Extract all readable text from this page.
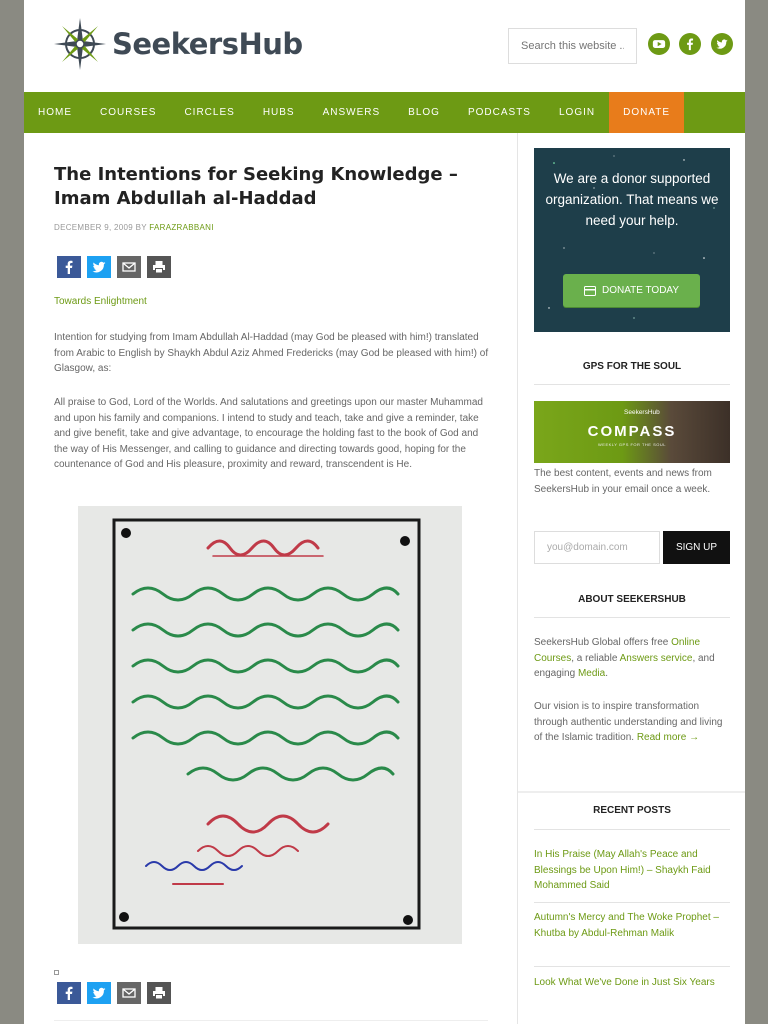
SeekersHub
Search this website ...
HOME	COURSES	CIRCLES	HUBS	ANSWERS	BLOG	PODCASTS	LOGIN	DONATE
The Intentions for Seeking Knowledge – Imam Abdullah al-Haddad
DECEMBER 9, 2009 BY FARAZRABBANI
Towards Enlightment

Intention for studying from Imam Abdullah Al-Haddad (may God be pleased with him!) translated from Arabic to English by Shaykh Abdul Aziz Ahmed Fredericks (may God be pleased with him!) of Glasgow, as:

All praise to God, Lord of the Worlds. And salutations and greetings upon our master Muhammad and upon his family and companions. I intend to study and teach, take and give a reminder, take and give benefit, take and give advantage, to encourage the holding fast to the book of God and the way of His Messenger, and calling to guidance and directing towards good, hoping for the countenance of God and His pleasure, proximity and reward, transcendent is He.

We are a donor supported organization. That means we need your help.
DONATE TODAY
GPS FOR THE SOUL
SeekersHub
COMPASS
WEEKLY GPS FOR THE SOUL

The best content, events and news from SeekersHub in your email once a week.

you@domain.com	SIGN UP
ABOUT SEEKERSHUB

SeekersHub Global offers free Online Courses, a reliable Answers service, and engaging Media.

Our vision is to inspire transformation through authentic understanding and living of the Islamic tradition. Read more →

RECENT POSTS
In His Praise (May Allah's Peace and Blessings be Upon Him!) – Shaykh Faid Mohammed Said
Autumn's Mercy and The Woke Prophet – Khutba by Abdul-Rehman Malik
Look What We've Done in Just Six Years
